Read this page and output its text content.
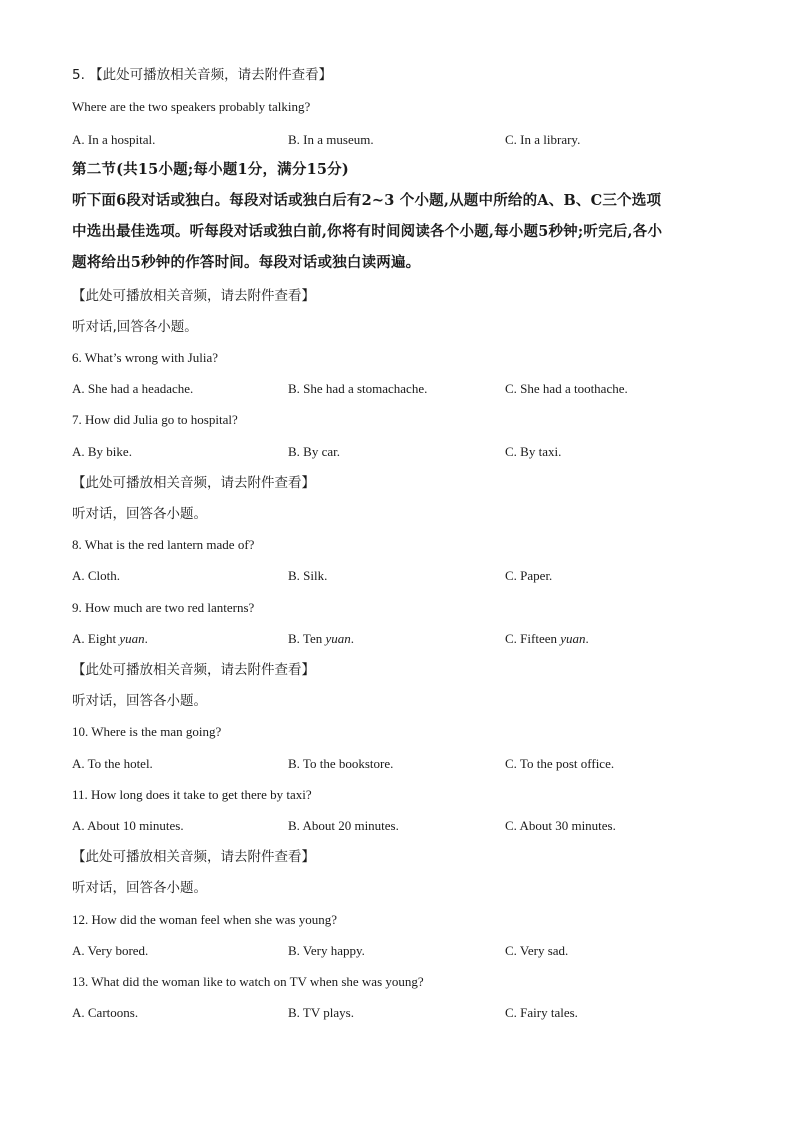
5. 【此处可播放相关音频，请去附件查看】
Where are the two speakers probably talking?
A. In a hospital.	B. In a museum.	C. In a library.
第二节(共15小题;每小题1分，满分15分)
听下面6段对话或独白。每段对话或独白后有2~3 个小题,从题中所给的A、B、C三个选项
中选出最佳选项。听每段对话或独白前,你将有时间阅读各个小题,每小题5秒钟;听完后,各小
题将给出5秒钟的作答时间。每段对话或独白读两遍。
【此处可播放相关音频，请去附件查看】
听对话,回答各小题。
6. What’s wrong with Julia?
A. She had a headache.	B. She had a stomachache.	C. She had a toothache.
7. How did Julia go to hospital?
A. By bike.	B. By car.	C. By taxi.
【此处可播放相关音频，请去附件查看】
听对话，回答各小题。
8. What is the red lantern made of?
A. Cloth.	B. Silk.	C. Paper.
9. How much are two red lanterns?
A. Eight yuan.	B. Ten yuan.	C. Fifteen yuan.
【此处可播放相关音频，请去附件查看】
听对话，回答各小题。
10. Where is the man going?
A. To the hotel.	B. To the bookstore.	C. To the post office.
11. How long does it take to get there by taxi?
A. About 10 minutes.	B. About 20 minutes.	C. About 30 minutes.
【此处可播放相关音频，请去附件查看】
听对话，回答各小题。
12. How did the woman feel when she was young?
A. Very bored.	B. Very happy.	C. Very sad.
13. What did the woman like to watch on TV when she was young?
A. Cartoons.	B. TV plays.	C. Fairy tales.
